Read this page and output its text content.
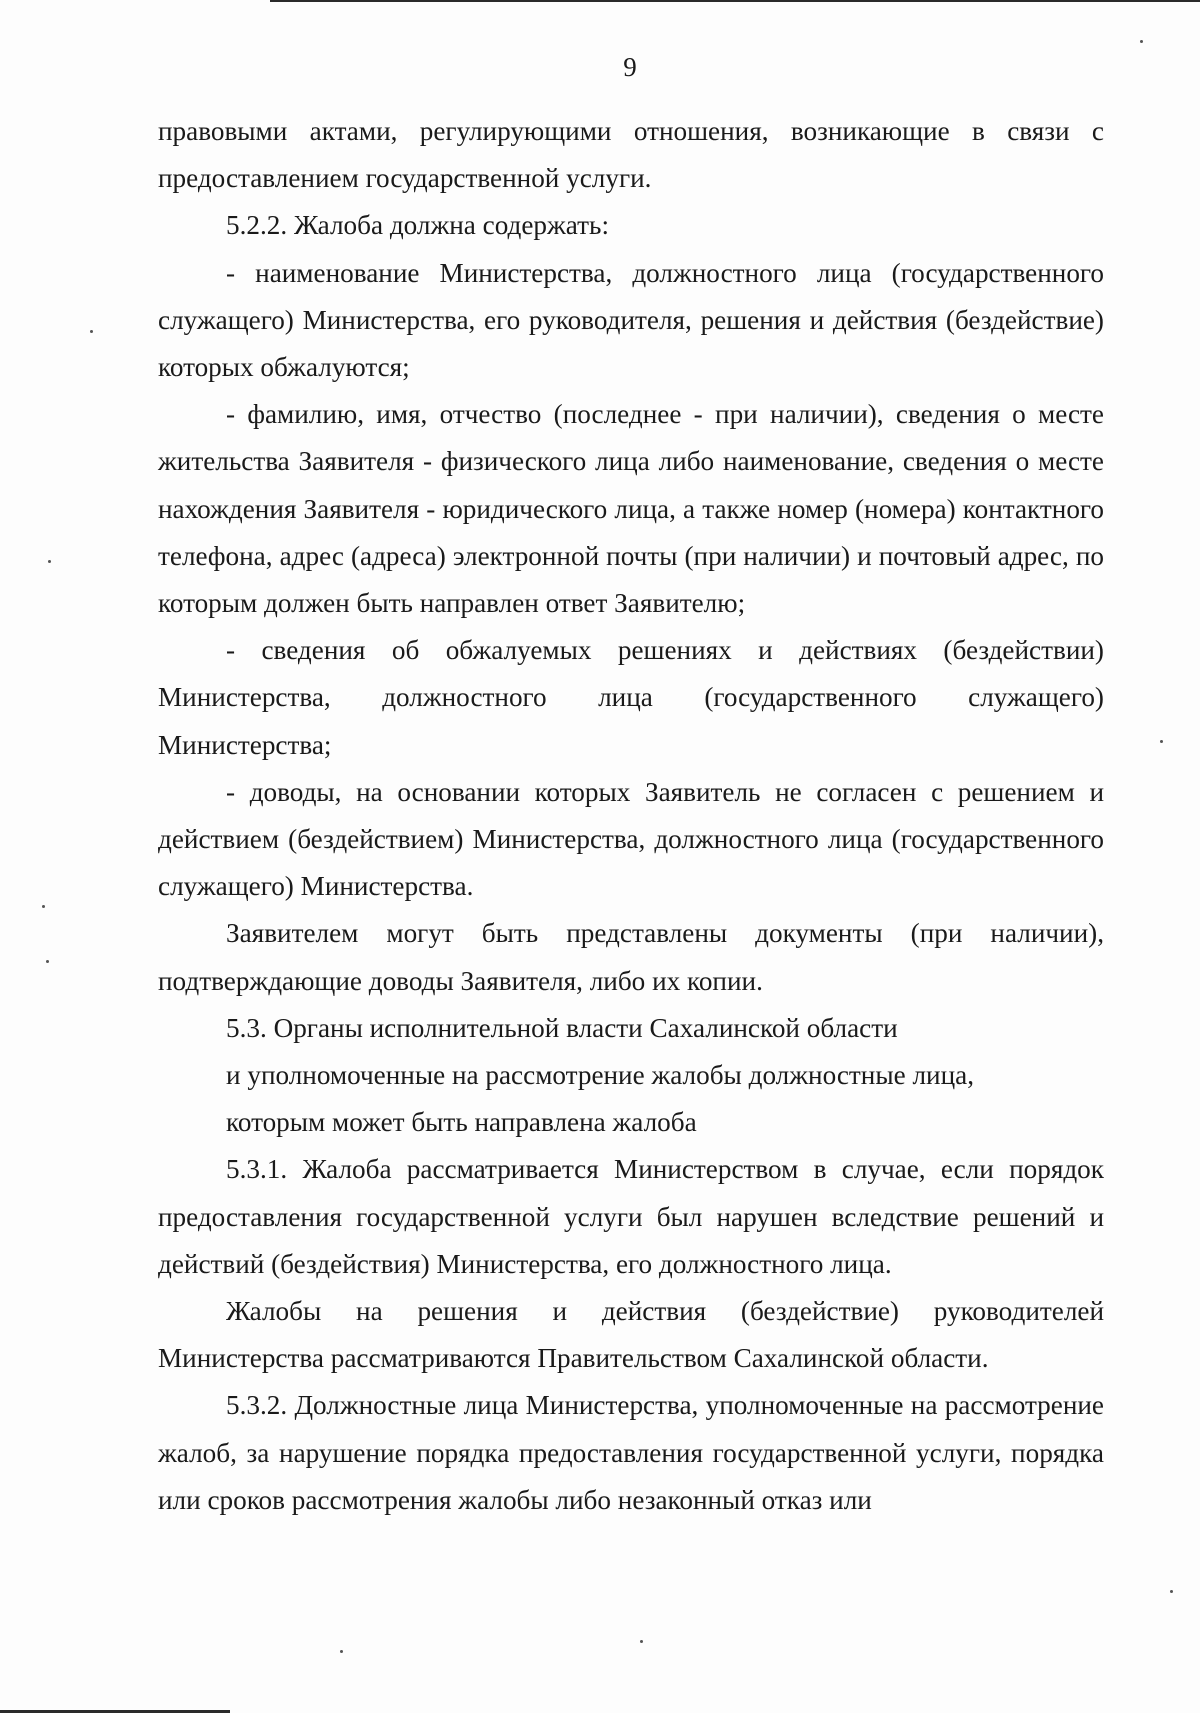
9

правовыми актами, регулирующими отношения, возникающие в связи с предоставлением государственной услуги.

5.2.2. Жалоба должна содержать:

- наименование Министерства, должностного лица (государственного служащего) Министерства, его руководителя, решения и действия (бездействие) которых обжалуются;

- фамилию, имя, отчество (последнее - при наличии), сведения о месте жительства Заявителя - физического лица либо наименование, сведения о месте нахождения Заявителя - юридического лица, а также номер (номера) контактного телефона, адрес (адреса) электронной почты (при наличии) и почтовый адрес, по которым должен быть направлен ответ Заявителю;

- сведения об обжалуемых решениях и действиях (бездействии) Министерства, должностного лица (государственного служащего) Министерства;

- доводы, на основании которых Заявитель не согласен с решением и действием (бездействием) Министерства, должностного лица (государственного служащего) Министерства.

Заявителем могут быть представлены документы (при наличии), подтверждающие доводы Заявителя, либо их копии.

5.3. Органы исполнительной власти Сахалинской области

и уполномоченные на рассмотрение жалобы должностные лица,

которым может быть направлена жалоба

5.3.1. Жалоба рассматривается Министерством в случае, если порядок предоставления государственной услуги был нарушен вследствие решений и действий (бездействия) Министерства, его должностного лица.

Жалобы на решения и действия (бездействие) руководителей Министерства рассматриваются Правительством Сахалинской области.

5.3.2. Должностные лица Министерства, уполномоченные на рассмотрение жалоб, за нарушение порядка предоставления государственной услуги, порядка или сроков рассмотрения жалобы либо незаконный отказ или
